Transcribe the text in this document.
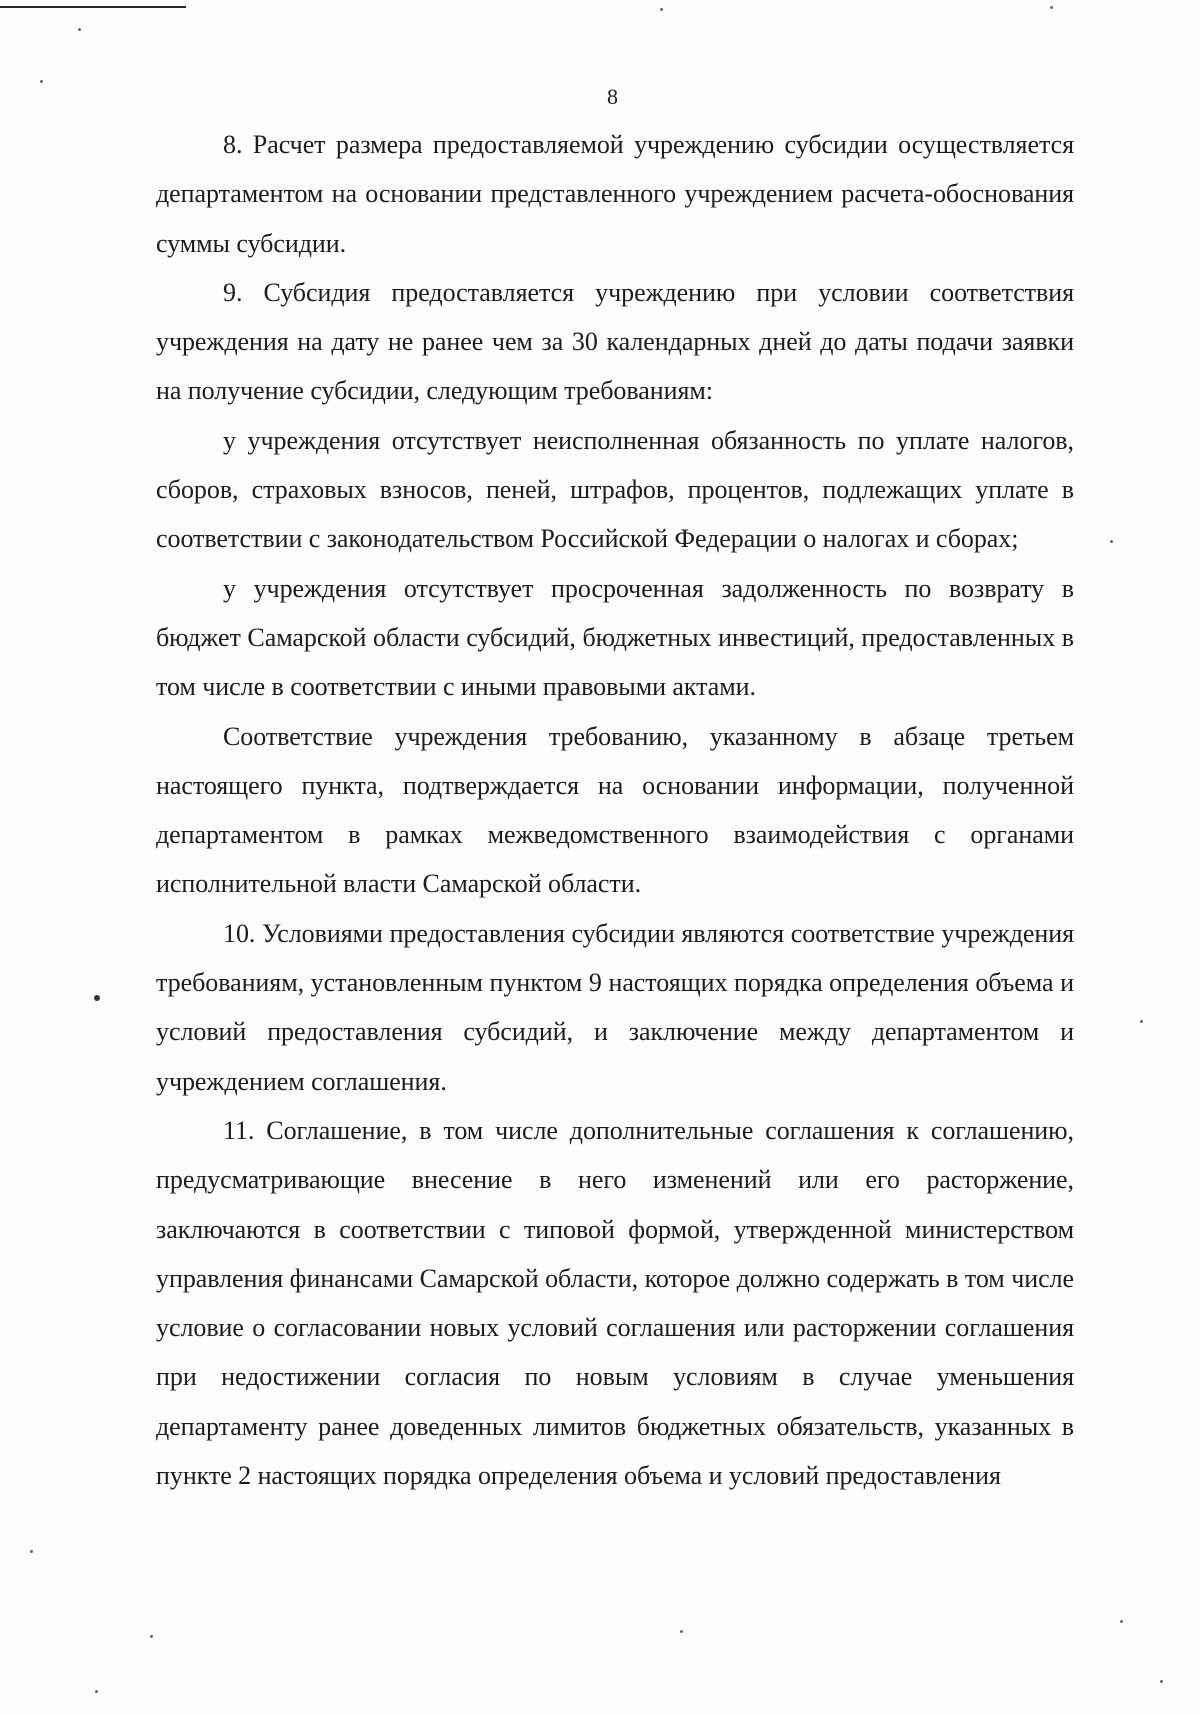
8

8. Расчет размера предоставляемой учреждению субсидии осуществляется департаментом на основании представленного учреждением расчета-обоснования суммы субсидии.

9. Субсидия предоставляется учреждению при условии соответствия учреждения на дату не ранее чем за 30 календарных дней до даты подачи заявки на получение субсидии, следующим требованиям:

у учреждения отсутствует неисполненная обязанность по уплате налогов, сборов, страховых взносов, пеней, штрафов, процентов, подлежащих уплате в соответствии с законодательством Российской Федерации о налогах и сборах;

у учреждения отсутствует просроченная задолженность по возврату в бюджет Самарской области субсидий, бюджетных инвестиций, предоставленных в том числе в соответствии с иными правовыми актами.

Соответствие учреждения требованию, указанному в абзаце третьем настоящего пункта, подтверждается на основании информации, полученной департаментом в рамках межведомственного взаимодействия с органами исполнительной власти Самарской области.

10. Условиями предоставления субсидии являются соответствие учреждения требованиям, установленным пунктом 9 настоящих порядка определения объема и условий предоставления субсидий, и заключение между департаментом и учреждением соглашения.

11. Соглашение, в том числе дополнительные соглашения к соглашению, предусматривающие внесение в него изменений или его расторжение, заключаются в соответствии с типовой формой, утвержденной министерством управления финансами Самарской области, которое должно содержать в том числе условие о согласовании новых условий соглашения или расторжении соглашения при недостижении согласия по новым условиям в случае уменьшения департаменту ранее доведенных лимитов бюджетных обязательств, указанных в пункте 2 настоящих порядка определения объема и условий предоставления
